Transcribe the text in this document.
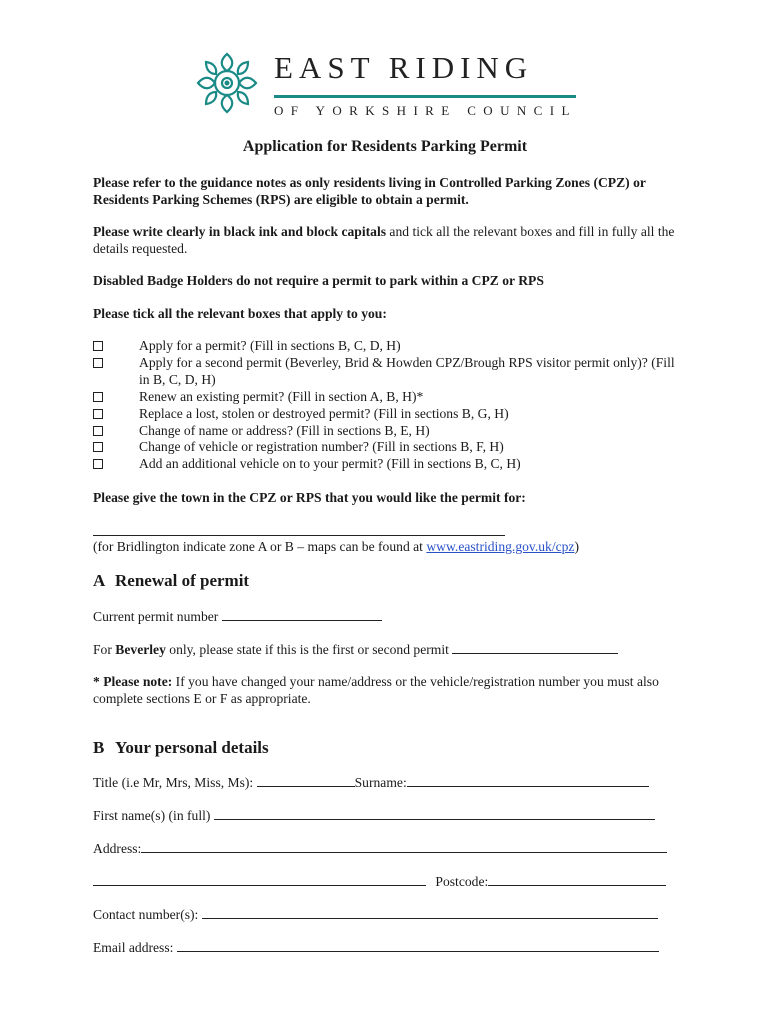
EAST RIDING
OF YORKSHIRE COUNCIL
Application for Residents Parking Permit
Please refer to the guidance notes as only residents living in Controlled Parking Zones (CPZ) or Residents Parking Schemes (RPS) are eligible to obtain a permit.
Please write clearly in black ink and block capitals and tick all the relevant boxes and fill in fully all the details requested.
Disabled Badge Holders do not require a permit to park within a CPZ or RPS
Please tick all the relevant boxes that apply to you:
Apply for a permit? (Fill in sections B, C, D, H)
Apply for a second permit (Beverley, Brid & Howden CPZ/Brough RPS visitor permit only)? (Fill in B, C, D, H)
Renew an existing permit? (Fill in section A, B, H)*
Replace a lost, stolen or destroyed permit? (Fill in sections B, G, H)
Change of name or address? (Fill in sections B, E, H)
Change of vehicle or registration number? (Fill in sections B, F, H)
Add an additional vehicle on to your permit? (Fill in sections B, C, H)
Please give the town in the CPZ or RPS that you would like the permit for:
(for Bridlington indicate zone A or B – maps can be found at www.eastriding.gov.uk/cpz)
A Renewal of permit
Current permit number
For Beverley only, please state if this is the first or second permit
* Please note: If you have changed your name/address or the vehicle/registration number you must also complete sections E or F as appropriate.
B Your personal details
Title (i.e Mr, Mrs, Miss, Ms):	Surname:
First name(s) (in full)
Address:
Postcode:
Contact number(s):
Email address:
